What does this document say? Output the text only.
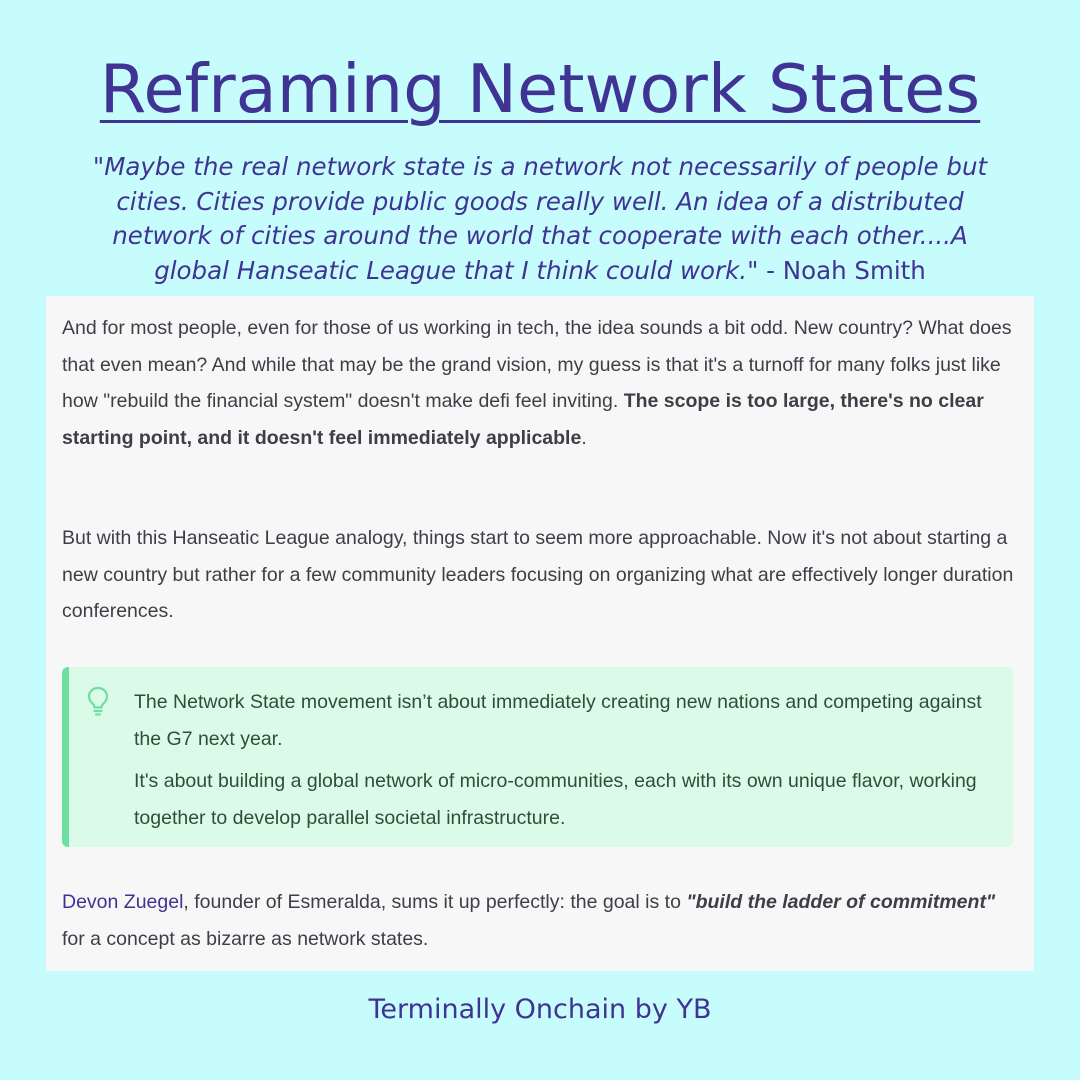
Reframing Network States
"Maybe the real network state is a network not necessarily of people but cities. Cities provide public goods really well. An idea of a distributed network of cities around the world that cooperate with each other....A global Hanseatic League that I think could work." - Noah Smith
And for most people, even for those of us working in tech, the idea sounds a bit odd. New country? What does that even mean? And while that may be the grand vision, my guess is that it's a turnoff for many folks just like how "rebuild the financial system" doesn't make defi feel inviting. The scope is too large, there's no clear starting point, and it doesn't feel immediately applicable.
But with this Hanseatic League analogy, things start to seem more approachable. Now it's not about starting a new country but rather for a few community leaders focusing on organizing what are effectively longer duration conferences.

The Network State movement isn’t about immediately creating new nations and competing against the G7 next year.

It's about building a global network of micro-communities, each with its own unique flavor, working together to develop parallel societal infrastructure.

Devon Zuegel, founder of Esmeralda, sums it up perfectly: the goal is to "build the ladder of commitment" for a concept as bizarre as network states.
Terminally Onchain by YB
